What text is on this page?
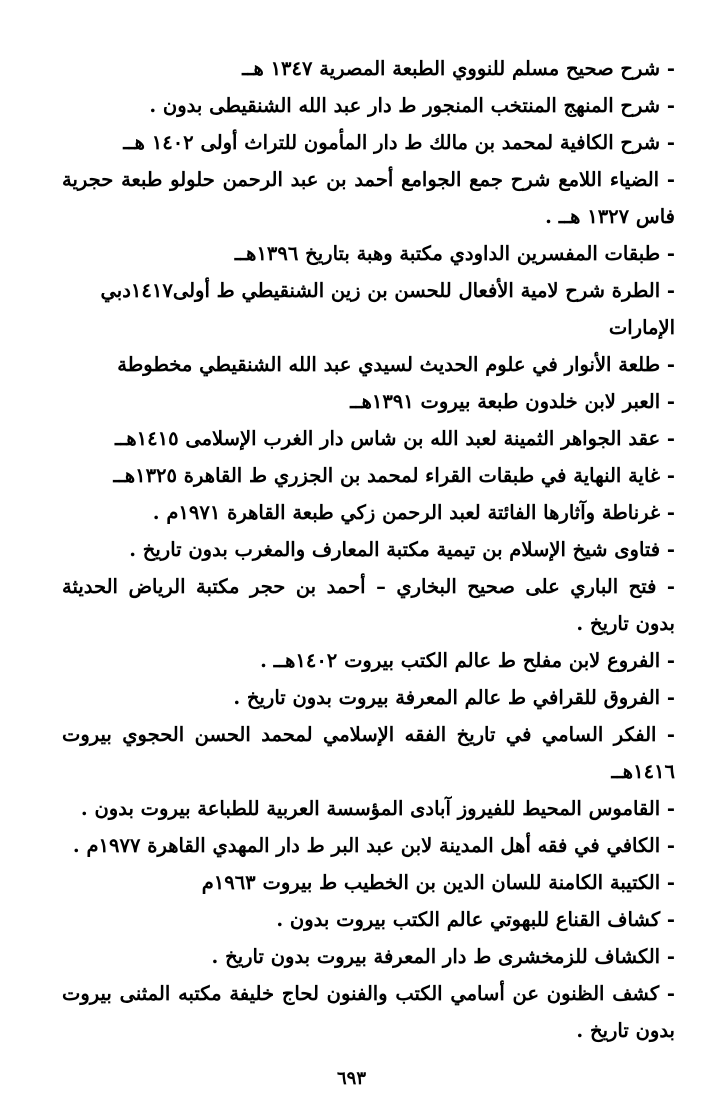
- شرح صحيح مسلم للنووي الطبعة المصرية ١٣٤٧ هــ

- شرح المنهج المنتخب المنجور ط دار عبد الله الشنقيطى بدون .

- شرح الكافية لمحمد بن مالك ط دار المأمون للتراث أولى ١٤٠٢ هــ

- الضياء اللامع شرح جمع الجوامع أحمد بن عبد الرحمن حلولو طبعة حجرية فاس ١٣٢٧ هــ .

- طبقات المفسرين الداودي مكتبة وهبة بتاريخ ١٣٩٦هــ

- الطرة شرح لامية الأفعال للحسن بن زين الشنقيطي ط أولى١٤١٧دبي الإمارات

- طلعة الأنوار في علوم الحديث لسيدي عبد الله الشنقيطي مخطوطة

- العبر لابن خلدون طبعة بيروت ١٣٩١هــ

- عقد الجواهر الثمينة لعبد الله بن شاس دار الغرب الإسلامى ١٤١٥هــ

- غاية النهاية في طبقات القراء لمحمد بن الجزري ط القاهرة ١٣٢٥هــ

- غرناطة وآثارها الفائتة لعبد الرحمن زكي طبعة القاهرة ١٩٧١م .

- فتاوى شيخ الإسلام بن تيمية مكتبة المعارف والمغرب بدون تاريخ .

- فتح الباري على صحيح البخاري – أحمد بن حجر مكتبة الرياض الحديثة بدون تاريخ .

- الفروع لابن مفلح ط عالم الكتب بيروت ١٤٠٢هــ .

- الفروق للقرافي ط عالم المعرفة بيروت بدون تاريخ .

- الفكر السامي في تاريخ الفقه الإسلامي لمحمد الحسن الحجوي بيروت ١٤١٦هــ

- القاموس المحيط للفيروز آبادى المؤسسة العربية للطباعة بيروت بدون .

- الكافي في فقه أهل المدينة لابن عبد البر ط دار المهدي القاهرة ١٩٧٧م .

- الكتيبة الكامنة للسان الدين بن الخطيب ط بيروت ١٩٦٣م

- كشاف القناع للبهوتي عالم الكتب بيروت بدون .

- الكشاف للزمخشرى ط دار المعرفة بيروت بدون تاريخ .

- كشف الظنون عن أسامي الكتب والفنون لحاج خليفة مكتبه المثنى بيروت بدون تاريخ .

٦٩٣
